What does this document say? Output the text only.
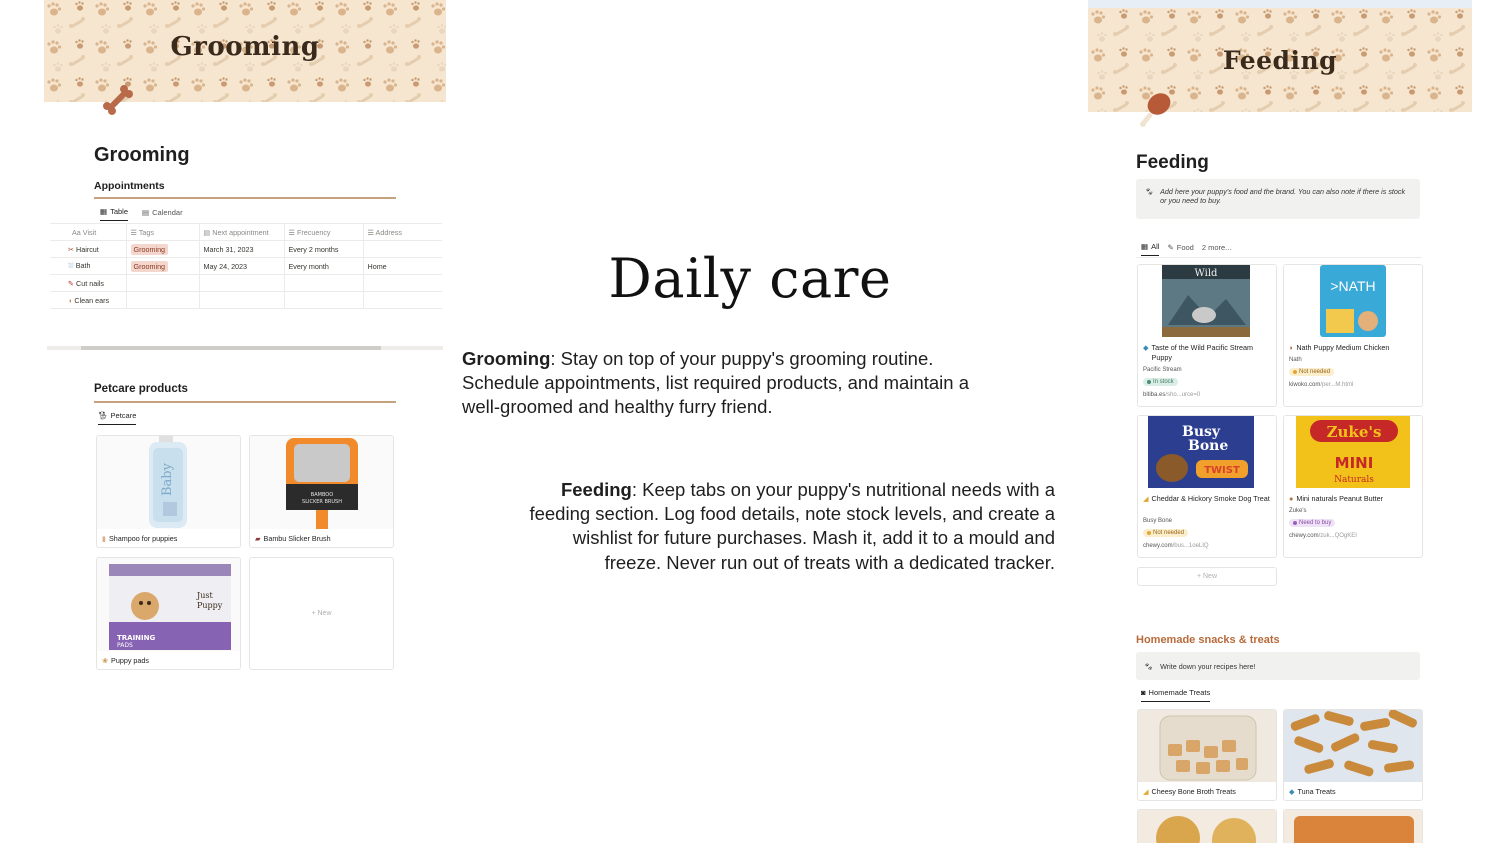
Grooming
Grooming
Appointments
▦ Table ▤ Calendar
Aa Visit	☰ Tags	▤ Next appointment	☰ Frecuency	☰ Address
✂ Haircut	Grooming	March 31, 2023	Every 2 months	
⛆ Bath	Grooming	May 24, 2023	Every month	Home
✎ Cut nails				
◖ Clean ears				
Petcare products
🐕︎ Petcare
Baby
▮ Shampoo for puppies
BAMBOO
SLICKER BRUSH
▰ Bambu Slicker Brush
TRAINING
PADS
Just
Puppy
❀ Puppy pads
+ New
Daily care
Grooming: Stay on top of your puppy's grooming routine. Schedule appointments, list required products, and maintain a well-groomed and healthy furry friend.
Feeding: Keep tabs on your puppy's nutritional needs with a feeding section. Log food details, note stock levels, and create a wishlist for future purchases. Mash it, add it to a mould and freeze. Never run out of treats with a dedicated tracker.
Feeding
Feeding
🐾︎ Add here your puppy's food and the brand. You can also note if there is stock or you need to buy.
▦ All ✎ Food 2 more...
Wild
◆ Taste of the Wild Pacific Stream Puppy
Pacific Stream
In stock
bitiba.es/sho...urce=0
>NATH
◗ Nath Puppy Medium Chicken
Nath
Not needed
kiwoko.com/per...M.html
Busy
Bone
TWIST
◢ Cheddar & Hickory Smoke Dog Treat
Busy Bone
Not needed
chewy.com/bus...1oeLIQ
Zuke's
MINI
Naturals
● Mini naturals Peanut Butter
Zuke's
Need to buy
chewy.com/zuk...QOgKEI
+ New
Homemade snacks & treats
🐾︎ Write down your recipes here!
◙ Homemade Treats
◢ Cheesy Bone Broth Treats	◆ Tuna Treats
